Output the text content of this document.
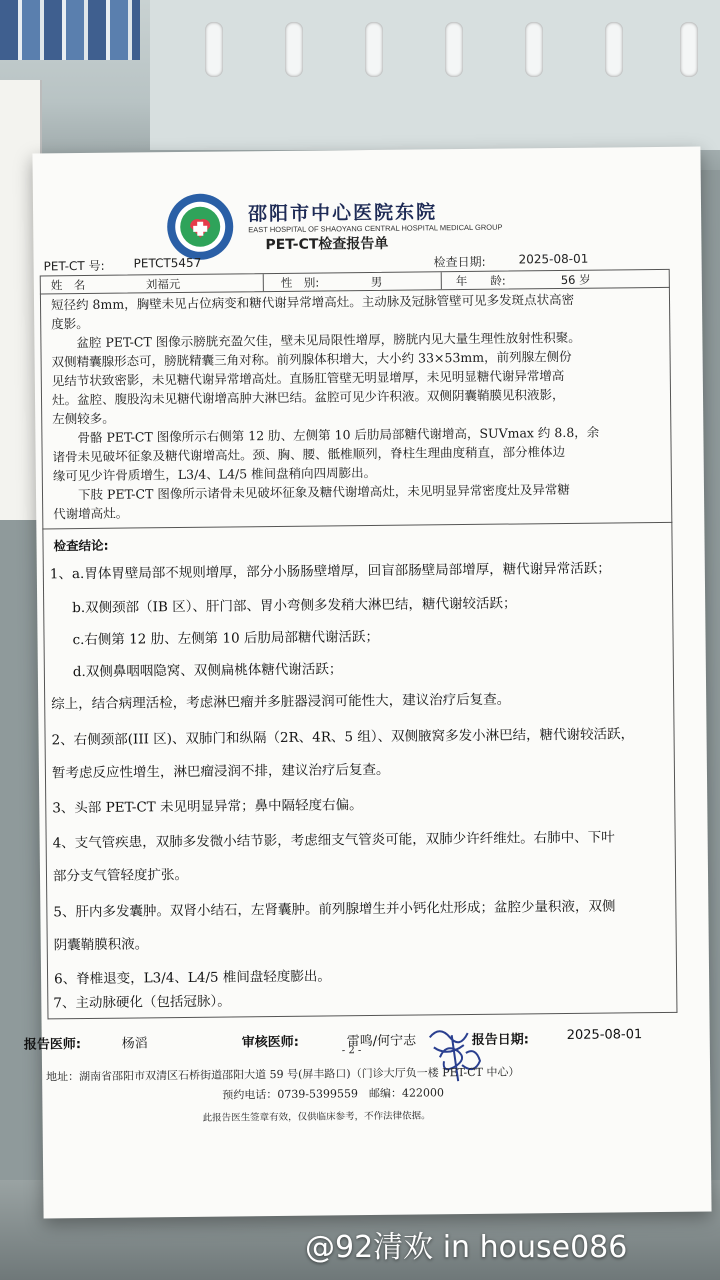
邵阳市中心医院东院
EAST HOSPITAL OF SHAOYANG CENTRAL HOSPITAL MEDICAL GROUP
PET-CT检查报告单
PET-CT 号: PETCT5457	检查日期:	2025-08-01
姓　名	刘福元	性　别:	男	年　　龄:	56 岁
短径约 8mm，胸壁未见占位病变和糖代谢异常增高灶。主动脉及冠脉管壁可见多发斑点状高密
度影。
　　盆腔 PET-CT 图像示膀胱充盈欠佳，壁未见局限性增厚，膀胱内见大量生理性放射性积聚。
双侧精囊腺形态可，膀胱精囊三角对称。前列腺体积增大，大小约 33×53mm，前列腺左侧份
见结节状致密影，未见糖代谢异常增高灶。直肠肛管壁无明显增厚，未见明显糖代谢异常增高
灶。盆腔、腹股沟未见糖代谢增高肿大淋巴结。盆腔可见少许积液。双侧阴囊鞘膜见积液影，
左侧较多。
　　骨骼 PET-CT 图像所示右侧第 12 肋、左侧第 10 后肋局部糖代谢增高，SUVmax 约 8.8，余
诸骨未见破坏征象及糖代谢增高灶。颈、胸、腰、骶椎顺列，脊柱生理曲度稍直，部分椎体边
缘可见少许骨质增生，L3/4、L4/5 椎间盘稍向四周膨出。
　　下肢 PET-CT 图像所示诸骨未见破坏征象及糖代谢增高灶，未见明显异常密度灶及异常糖
代谢增高灶。
检查结论:
1、a.胃体胃壁局部不规则增厚，部分小肠肠壁增厚，回盲部肠壁局部增厚，糖代谢异常活跃；
b.双侧颈部（IB 区）、肝门部、胃小弯侧多发稍大淋巴结，糖代谢较活跃；
c.右侧第 12 肋、左侧第 10 后肋局部糖代谢活跃；
d.双侧鼻咽咽隐窝、双侧扁桃体糖代谢活跃；
综上，结合病理活检，考虑淋巴瘤并多脏器浸润可能性大，建议治疗后复查。
2、右侧颈部(III 区)、双肺门和纵隔（2R、4R、5 组）、双侧腋窝多发小淋巴结，糖代谢较活跃，
暂考虑反应性增生，淋巴瘤浸润不排，建议治疗后复查。
3、头部 PET-CT 未见明显异常；鼻中隔轻度右偏。
4、支气管疾患，双肺多发微小结节影，考虑细支气管炎可能，双肺少许纤维灶。右肺中、下叶
部分支气管轻度扩张。
5、肝内多发囊肿。双肾小结石，左肾囊肿。前列腺增生并小钙化灶形成；盆腔少量积液，双侧
阴囊鞘膜积液。
6、脊椎退变，L3/4、L4/5 椎间盘轻度膨出。
7、主动脉硬化（包括冠脉）。
报告医师:	杨滔	审核医师:	雷鸣/何宁志	报告日期:	2025-08-01
- 2 -
地址：湖南省邵阳市双清区石桥街道邵阳大道 59 号(屏丰路口)（门诊大厅负一楼 PET-CT 中心）
预约电话：0739-5399559　邮编：422000
此报告医生签章有效，仅供临床参考，不作法律依据。
@92清欢 in house086
